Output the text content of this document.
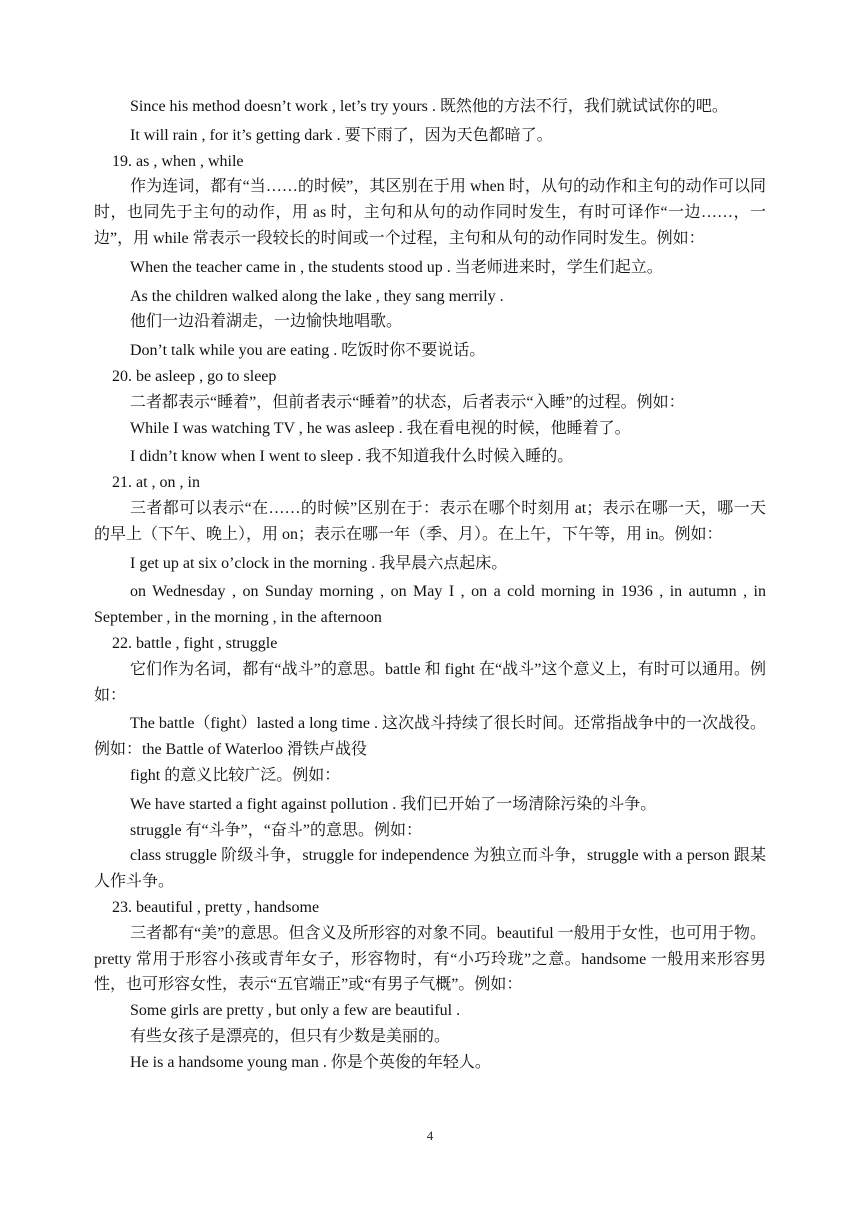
Since his method doesn’t work , let’s try yours . 既然他的方法不行，我们就试试你的吧。

It will rain , for it’s getting dark . 要下雨了，因为天色都暗了。

19. as , when , while

作为连词，都有“当……的时候”，其区别在于用 when 时，从句的动作和主句的动作可以同时，也同先于主句的动作，用 as 时，主句和从句的动作同时发生，有时可译作“一边……，一边”，用 while 常表示一段较长的时间或一个过程，主句和从句的动作同时发生。例如：

When the teacher came in , the students stood up . 当老师进来时，学生们起立。

As the children walked along the lake , they sang merrily .

他们一边沿着湖走，一边愉快地唱歌。

Don’t talk while you are eating . 吃饭时你不要说话。

20. be asleep , go to sleep

二者都表示“睡着”，但前者表示“睡着”的状态，后者表示“入睡”的过程。例如：

While I was watching TV , he was asleep . 我在看电视的时候，他睡着了。

I didn’t know when I went to sleep . 我不知道我什么时候入睡的。

21. at , on , in

三者都可以表示“在……的时候”区别在于：表示在哪个时刻用 at；表示在哪一天，哪一天的早上（下午、晚上），用 on；表示在哪一年（季、月）。在上午，下午等，用 in。例如：

I get up at six o’clock in the morning . 我早晨六点起床。

on Wednesday , on Sunday morning , on May I , on a cold morning in 1936 , in autumn , in September , in the morning , in the afternoon

22. battle , fight , struggle

它们作为名词，都有“战斗”的意思。battle 和 fight 在“战斗”这个意义上，有时可以通用。例如：

The battle（fight）lasted a long time . 这次战斗持续了很长时间。还常指战争中的一次战役。例如：the Battle of Waterloo 滑铁卢战役

fight 的意义比较广泛。例如：

We have started a fight against pollution . 我们已开始了一场清除污染的斗争。

struggle 有“斗争”，“奋斗”的意思。例如：

class struggle 阶级斗争，struggle for independence 为独立而斗争，struggle with a person 跟某人作斗争。

23. beautiful , pretty , handsome

三者都有“美”的意思。但含义及所形容的对象不同。beautiful 一般用于女性，也可用于物。pretty 常用于形容小孩或青年女子，形容物时，有“小巧玲珑”之意。handsome 一般用来形容男性，也可形容女性，表示“五官端正”或“有男子气概”。例如：

Some girls are pretty , but only a few are beautiful .

有些女孩子是漂亮的，但只有少数是美丽的。

He is a handsome young man . 你是个英俊的年轻人。

4
